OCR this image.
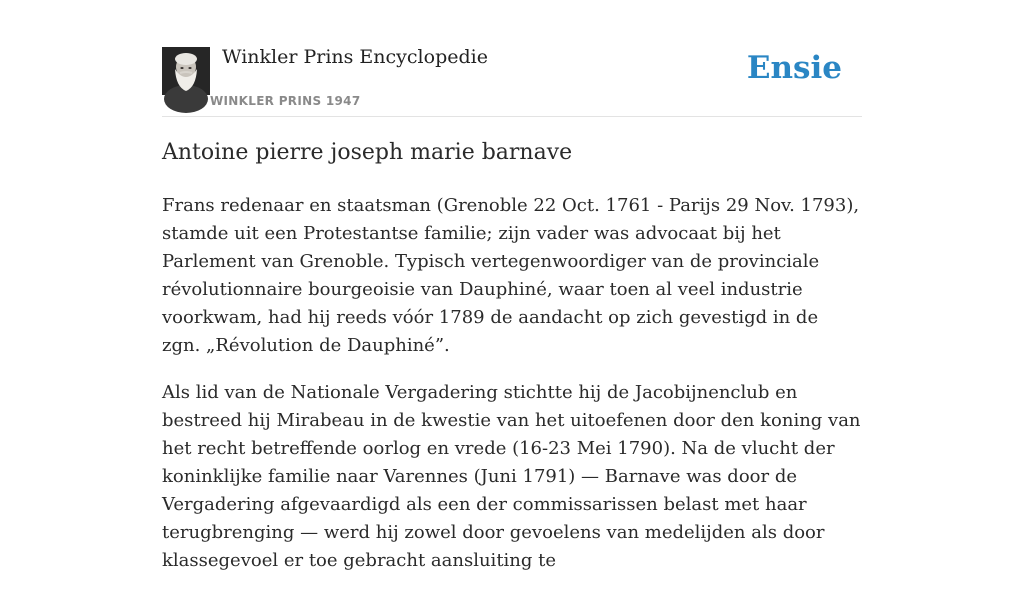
Winkler Prins Encyclopedie
WINKLER PRINS 1947
Ensie
Antoine pierre joseph marie barnave

Frans redenaar en staatsman (Grenoble 22 Oct. 1761 - Parijs 29 Nov. 1793), stamde uit een Protestantse familie; zijn vader was advocaat bij het Parlement van Grenoble. Typisch vertegenwoordiger van de provinciale révolutionnaire bourgeoisie van Dauphiné, waar toen al veel industrie voorkwam, had hij reeds vóór 1789 de aandacht op zich gevestigd in de zgn. „Révolution de Dauphiné”.

Als lid van de Nationale Vergadering stichtte hij de Jacobijnenclub en bestreed hij Mirabeau in de kwestie van het uitoefenen door den koning van het recht betreffende oorlog en vrede (16-23 Mei 1790). Na de vlucht der koninklijke familie naar Varennes (Juni 1791) — Barnave was door de Vergadering afgevaardigd als een der commissarissen belast met haar terugbrenging — werd hij zowel door gevoelens van medelijden als door klassegevoel er toe gebracht aansluiting te
